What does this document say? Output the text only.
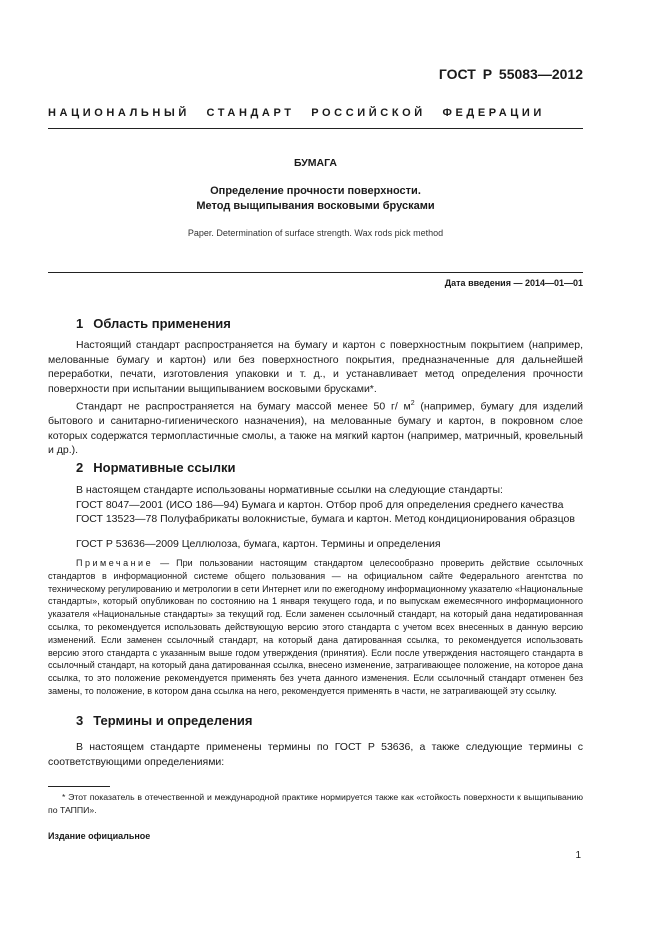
ГОСТ Р 55083—2012
НАЦИОНАЛЬНЫЙ СТАНДАРТ РОССИЙСКОЙ ФЕДЕРАЦИИ
БУМАГА
Определение прочности поверхности.
Метод выщипывания восковыми брусками
Paper. Determination of surface strength. Wax rods pick method
Дата введения — 2014—01—01
1 Область применения
Настоящий стандарт распространяется на бумагу и картон с поверхностным покрытием (например, мелованные бумагу и картон) или без поверхностного покрытия, предназначенные для дальнейшей переработки, печати, изготовления упаковки и т. д., и устанавливает метод определения прочности поверхности при испытании выщипыванием восковыми брусками*.
Стандарт не распространяется на бумагу массой менее 50 г/ $м^2$ (например, бумагу для изделий бытового и санитарно-гигиенического назначения), на мелованные бумагу и картон, в покровном слое которых содержатся термопластичные смолы, а также на мягкий картон (например, матричный, кровельный и др.).
2 Нормативные ссылки
В настоящем стандарте использованы нормативные ссылки на следующие стандарты:
ГОСТ 8047—2001 (ИСО 186—94) Бумага и картон. Отбор проб для определения среднего качества
ГОСТ 13523—78 Полуфабрикаты волокнистые, бумага и картон. Метод кондиционирования образцов
ГОСТ Р 53636—2009 Целлюлоза, бумага, картон. Термины и определения
Примечание — При пользовании настоящим стандартом целесообразно проверить действие ссылочных стандартов в информационной системе общего пользования — на официальном сайте Федерального агентства по техническому регулированию и метрологии в сети Интернет или по ежегодному информационному указателю «Национальные стандарты», который опубликован по состоянию на 1 января текущего года, и по выпускам ежемесячного информационного указателя «Национальные стандарты» за текущий год. Если заменен ссылочный стандарт, на который дана недатированная ссылка, то рекомендуется использовать действующую версию этого стандарта с учетом всех внесенных в данную версию изменений. Если заменен ссылочный стандарт, на который дана датированная ссылка, то рекомендуется использовать версию этого стандарта с указанным выше годом утверждения (принятия). Если после утверждения настоящего стандарта в ссылочный стандарт, на который дана датированная ссылка, внесено изменение, затрагивающее положение, на которое дана ссылка, то это положение рекомендуется применять без учета данного изменения. Если ссылочный стандарт отменен без замены, то положение, в котором дана ссылка на него, рекомендуется применять в части, не затрагивающей эту ссылку.
3 Термины и определения
В настоящем стандарте применены термины по ГОСТ Р 53636, а также следующие термины с соответствующими определениями:
* Этот показатель в отечественной и международной практике нормируется также как «стойкость поверхности к выщипыванию по ТАППИ».
Издание официальное
1
